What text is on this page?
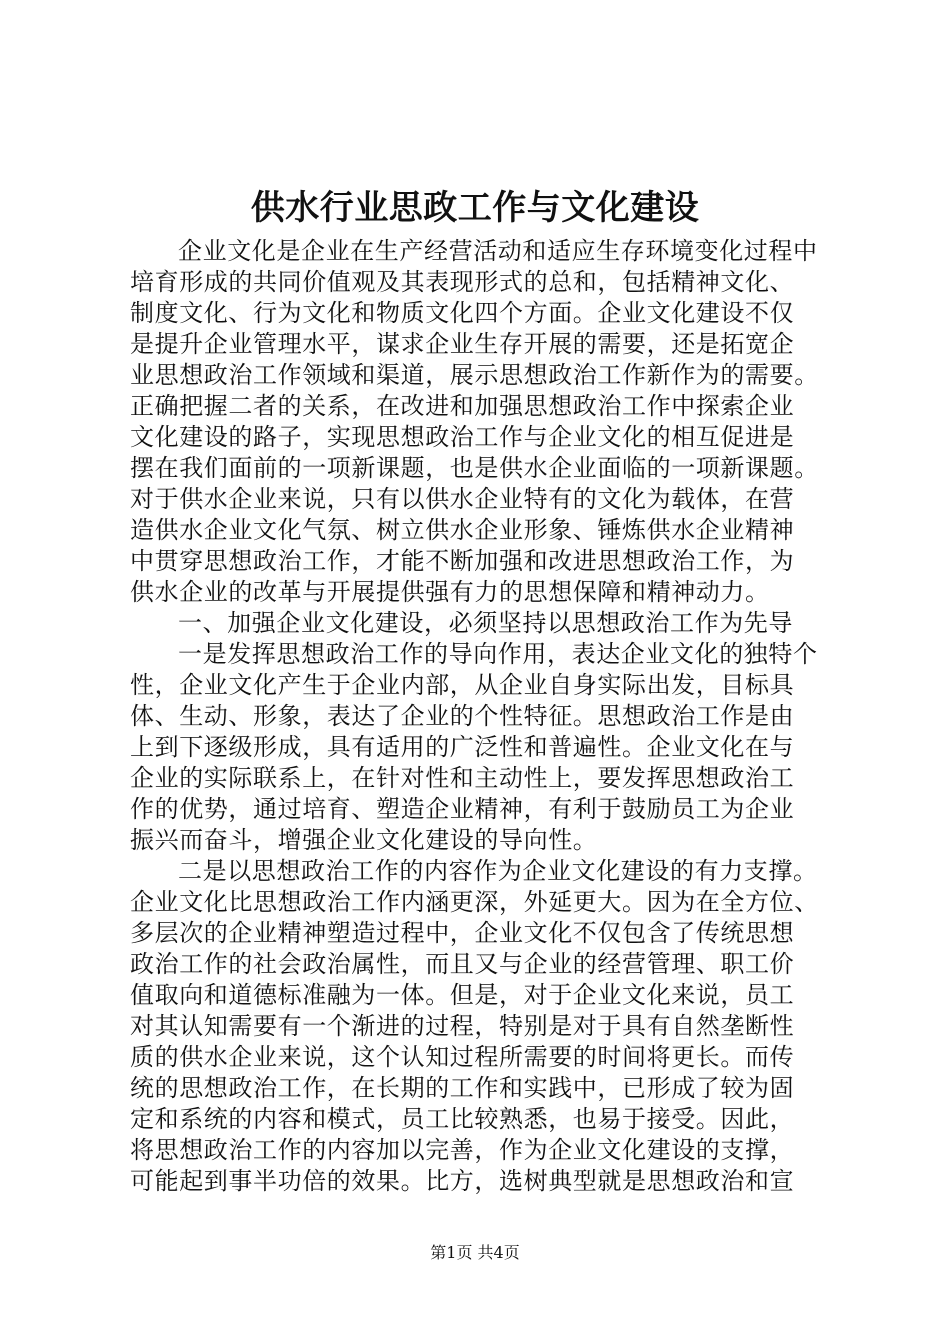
供水行业思政工作与文化建设
企业文化是企业在生产经营活动和适应生存环境变化过程中
培育形成的共同价值观及其表现形式的总和，包括精神文化、
制度文化、行为文化和物质文化四个方面。企业文化建设不仅
是提升企业管理水平，谋求企业生存开展的需要，还是拓宽企
业思想政治工作领域和渠道，展示思想政治工作新作为的需要。
正确把握二者的关系，在改进和加强思想政治工作中探索企业
文化建设的路子，实现思想政治工作与企业文化的相互促进是
摆在我们面前的一项新课题，也是供水企业面临的一项新课题。
对于供水企业来说，只有以供水企业特有的文化为载体，在营
造供水企业文化气氛、树立供水企业形象、锤炼供水企业精神
中贯穿思想政治工作，才能不断加强和改进思想政治工作，为
供水企业的改革与开展提供强有力的思想保障和精神动力。
一、加强企业文化建设，必须坚持以思想政治工作为先导
一是发挥思想政治工作的导向作用，表达企业文化的独特个
性，企业文化产生于企业内部，从企业自身实际出发，目标具
体、生动、形象，表达了企业的个性特征。思想政治工作是由
上到下逐级形成，具有适用的广泛性和普遍性。企业文化在与
企业的实际联系上，在针对性和主动性上，要发挥思想政治工
作的优势，通过培育、塑造企业精神，有利于鼓励员工为企业
振兴而奋斗，增强企业文化建设的导向性。
二是以思想政治工作的内容作为企业文化建设的有力支撑。
企业文化比思想政治工作内涵更深，外延更大。因为在全方位、
多层次的企业精神塑造过程中，企业文化不仅包含了传统思想
政治工作的社会政治属性，而且又与企业的经营管理、职工价
值取向和道德标准融为一体。但是，对于企业文化来说，员工
对其认知需要有一个渐进的过程，特别是对于具有自然垄断性
质的供水企业来说，这个认知过程所需要的时间将更长。而传
统的思想政治工作，在长期的工作和实践中，已形成了较为固
定和系统的内容和模式，员工比较熟悉，也易于接受。因此，
将思想政治工作的内容加以完善，作为企业文化建设的支撑，
可能起到事半功倍的效果。比方，选树典型就是思想政治和宣
第1页 共4页
